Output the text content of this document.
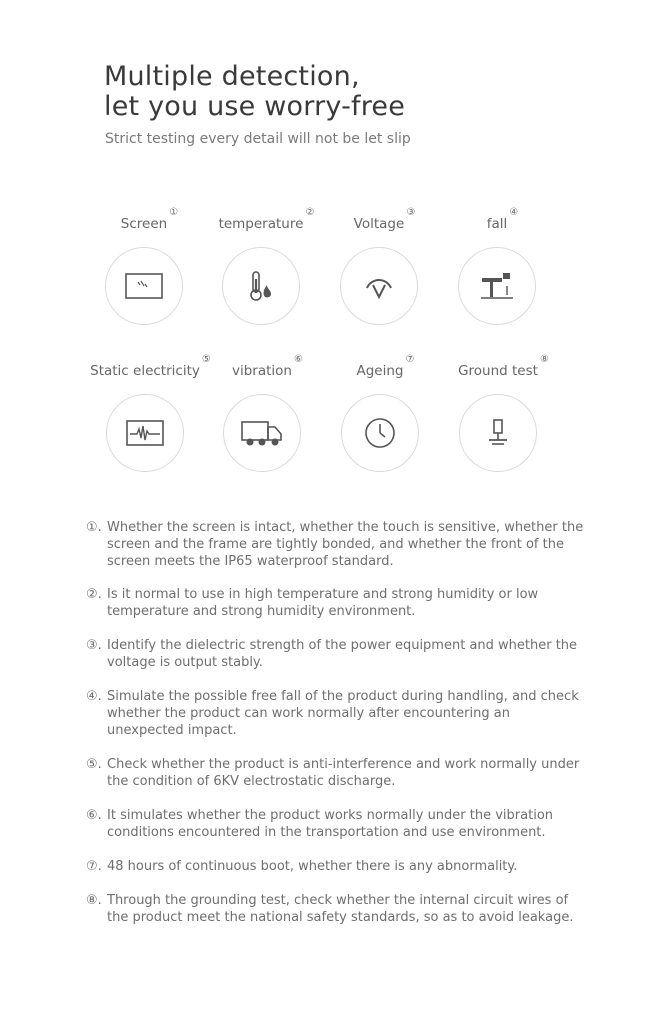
Multiple detection,
let you use worry-free

Strict testing every detail will not be let slip

Screen
①
temperature
②
Voltage
③
fall
④
Static electricity
⑤
vibration
⑥
Ageing
⑦
Ground test
⑧
①. Whether the screen is intact, whether the touch is sensitive, whether the screen and the frame are tightly bonded, and whether the front of the screen meets the IP65 waterproof standard.
②. Is it normal to use in high temperature and strong humidity or low temperature and strong humidity environment.
③. Identify the dielectric strength of the power equipment and whether the voltage is output stably.
④. Simulate the possible free fall of the product during handling, and check whether the product can work normally after encountering an unexpected impact.
⑤. Check whether the product is anti-interference and work normally under the condition of 6KV electrostatic discharge.
⑥. It simulates whether the product works normally under the vibration conditions encountered in the transportation and use environment.
⑦. 48 hours of continuous boot, whether there is any abnormality.
⑧. Through the grounding test, check whether the internal circuit wires of the product meet the national safety standards, so as to avoid leakage.
